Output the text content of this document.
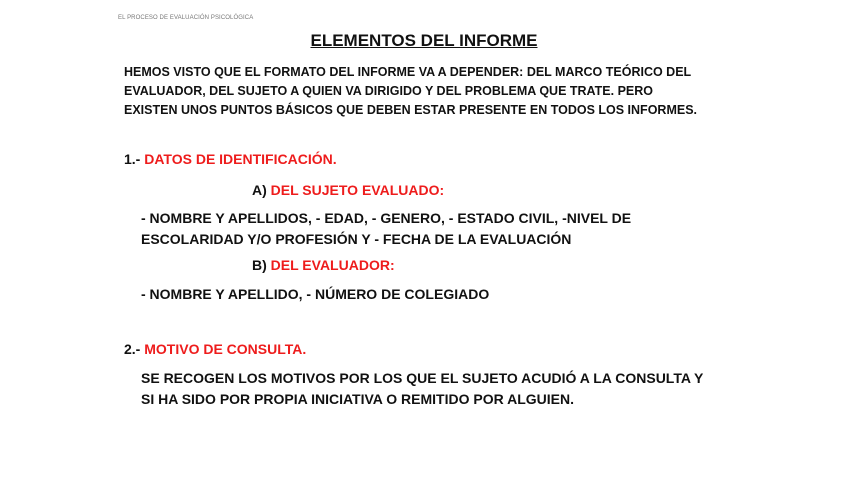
EL PROCESO DE EVALUACIÓN PSICOLÓGICA
ELEMENTOS DEL INFORME
HEMOS VISTO QUE EL FORMATO DEL INFORME VA A DEPENDER: DEL MARCO TEÓRICO DEL
EVALUADOR, DEL SUJETO A QUIEN VA DIRIGIDO Y DEL PROBLEMA QUE TRATE. PERO
EXISTEN UNOS PUNTOS BÁSICOS QUE DEBEN ESTAR PRESENTE EN TODOS LOS INFORMES.
1.- DATOS DE IDENTIFICACIÓN.
A) DEL SUJETO EVALUADO:
- NOMBRE Y APELLIDOS, - EDAD, - GENERO, - ESTADO CIVIL, -NIVEL DE
ESCOLARIDAD Y/O PROFESIÓN Y - FECHA DE LA EVALUACIÓN
B) DEL EVALUADOR:
- NOMBRE Y APELLIDO, - NÚMERO DE COLEGIADO
2.- MOTIVO DE CONSULTA.
SE RECOGEN LOS MOTIVOS POR LOS QUE EL SUJETO ACUDIÓ A LA CONSULTA Y
SI HA SIDO POR PROPIA INICIATIVA O REMITIDO POR ALGUIEN.
